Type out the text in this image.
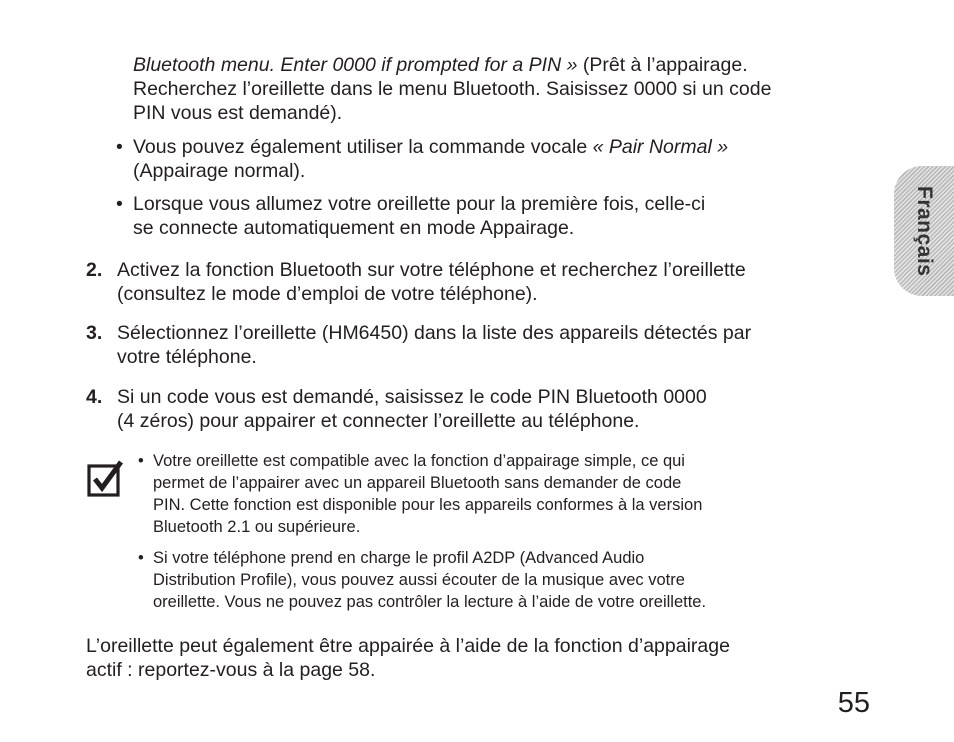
Bluetooth menu. Enter 0000 if prompted for a PIN » (Prêt à l’appairage.
Recherchez l’oreillette dans le menu Bluetooth. Saisissez 0000 si un code
PIN vous est demandé).
• Vous pouvez également utiliser la commande vocale « Pair Normal »
(Appairage normal).
• Lorsque vous allumez votre oreillette pour la première fois, celle-ci
se connecte automatiquement en mode Appairage.
2. Activez la fonction Bluetooth sur votre téléphone et recherchez l’oreillette
(consultez le mode d’emploi de votre téléphone).
3. Sélectionnez l’oreillette (HM6450) dans la liste des appareils détectés par
votre téléphone.
4. Si un code vous est demandé, saisissez le code PIN Bluetooth 0000
(4 zéros) pour appairer et connecter l’oreillette au téléphone.
• Votre oreillette est compatible avec la fonction d’appairage simple, ce qui
permet de l’appairer avec un appareil Bluetooth sans demander de code
PIN. Cette fonction est disponible pour les appareils conformes à la version
Bluetooth 2.1 ou supérieure.
• Si votre téléphone prend en charge le profil A2DP (Advanced Audio
Distribution Profile), vous pouvez aussi écouter de la musique avec votre
oreillette. Vous ne pouvez pas contrôler la lecture à l’aide de votre oreillette.
L’oreillette peut également être appairée à l’aide de la fonction d’appairage
actif : reportez-vous à la page 58.
Français
55
